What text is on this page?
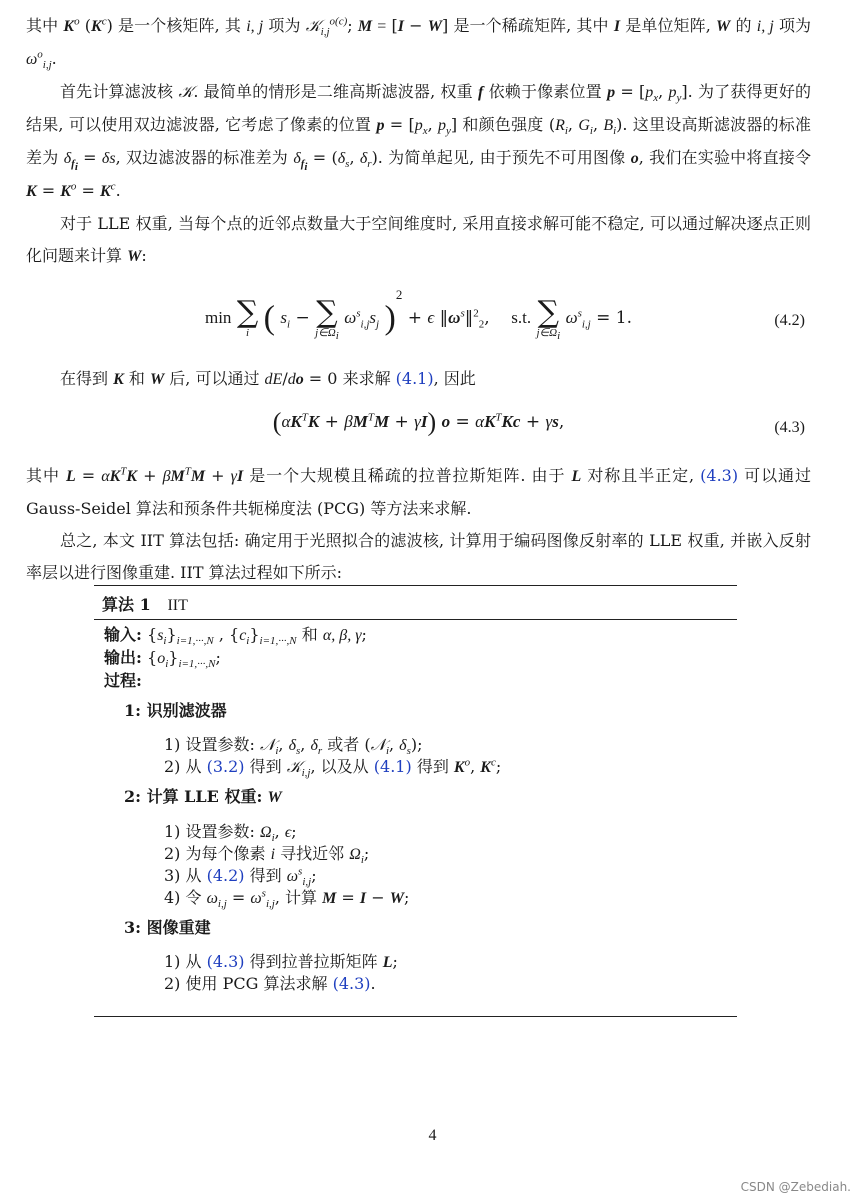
其中 $K^o$ $(K^c)$ 是一个核矩阵, 其 i, j 项为 𝒦$_{i,j}^{o(c)}$; M = [I − W] 是一个稀疏矩阵, 其中 I 是单位矩阵, W 的 i, j 项为 $\omega^o_{i,j}$.

首先计算滤波核 𝒦. 最简单的情形是二维高斯滤波器, 权重 f 依赖于像素位置 $p = [p_x$, $p_y$]. 为了获得更好的结果, 可以使用双边滤波器, 它考虑了像素的位置 $p = [p_x$, $p_y$] 和颜色强度 ($R_i$, $G_i$, $B_i$). 这里设高斯滤波器的标准差为 $\delta_{f_i} = \delta s$, 双边滤波器的标准差为 $\delta_{f_i} = (\delta_s$, $\delta_r$). 为简单起见, 由于预先不可用图像 o, 我们在实验中将直接令 $K = K^o = K^c$.

对于 LLE 权重, 当每个点的近邻点数量大于空间维度时, 采用直接求解可能不稳定, 可以通过解决逐点正则化问题来计算 W:

min ∑
i ( $s_i$ − ∑
$j\in\Omega_i$
$\omega^s_{i,j}s_j$ )$^2$ + ϵ $‖\omega^s‖^2_2$,    s.t. ∑
$j\in\Omega_i$
$\omega^s_{i,j} = 1$.	(4.2)

在得到 K 和 W 后, 可以通过 dE/do = 0 来求解 (4.1), 因此

$(\alpha K^TK + \beta M^TM + \gamma I) o = \alpha K^TKc + \gamma s$,	(4.3)

其中 $L = \alpha K^TK + \beta M^TM + \gamma I$ 是一个大规模且稀疏的拉普拉斯矩阵. 由于 L 对称且半正定, (4.3) 可以通过 Gauss-Seidel 算法和预条件共轭梯度法 (PCG) 等方法来求解.

总之, 本文 IIT 算法包括: 确定用于光照拟合的滤波核, 计算用于编码图像反射率的 LLE 权重, 并嵌入反射率层以进行图像重建. IIT 算法过程如下所示:

算法 1 IIT
输入: $\{s_i\}_{i=1,\cdot\cdot\cdot,N}$ , $\{c_i\}_{i=1,\cdot\cdot\cdot,N}$ 和 α, β, γ;
输出: $\{o_i\}_{i=1,\cdot\cdot\cdot,N}$;
过程:
1: 识别滤波器
1) 设置参数: 𝒩$_i$, $\delta_s$, $\delta_r$ 或者 (𝒩$_i$, $\delta_s$);
2) 从 (3.2) 得到 𝒦$_{i,j}$, 以及从 (4.1) 得到 $K^o$, $K^c$;
2: 计算 LLE 权重: W
1) 设置参数: $\Omega_i$, ϵ;
2) 为每个像素 i 寻找近邻 $\Omega_i$;
3) 从 (4.2) 得到 $\omega^s_{i,j}$;
4) 令 $\omega_{i,j} = \omega^s_{i,j}$, 计算 M = I − W;
3: 图像重建
1) 从 (4.3) 得到拉普拉斯矩阵 L;
2) 使用 PCG 算法求解 (4.3).
4
CSDN @Zebediah.
